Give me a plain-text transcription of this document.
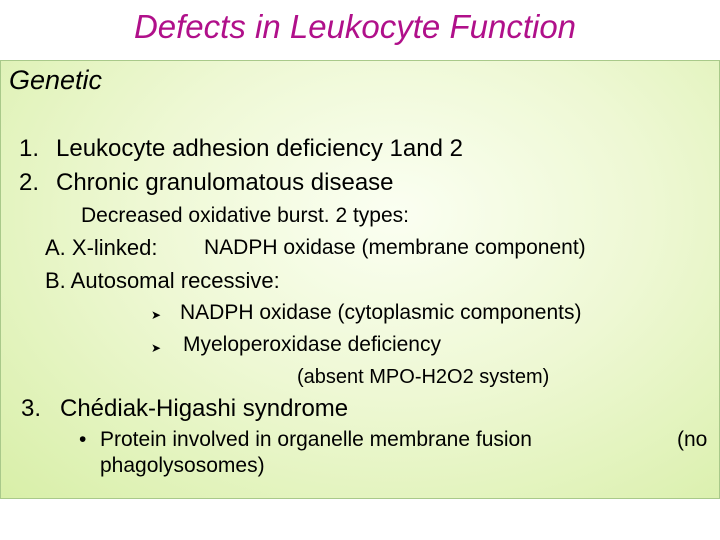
Defects in Leukocyte Function
Genetic
1. Leukocyte adhesion deficiency 1and 2
2. Chronic granulomatous disease
Decreased oxidative burst. 2 types:
A. X-linked: NADPH oxidase (membrane component)
B. Autosomal recessive:
➤ NADPH oxidase (cytoplasmic components)
➤ Myeloperoxidase deficiency
(absent MPO-H2O2 system)
3. Chédiak-Higashi syndrome
• Protein involved in organelle membrane fusion	(no
phagolysosomes)
